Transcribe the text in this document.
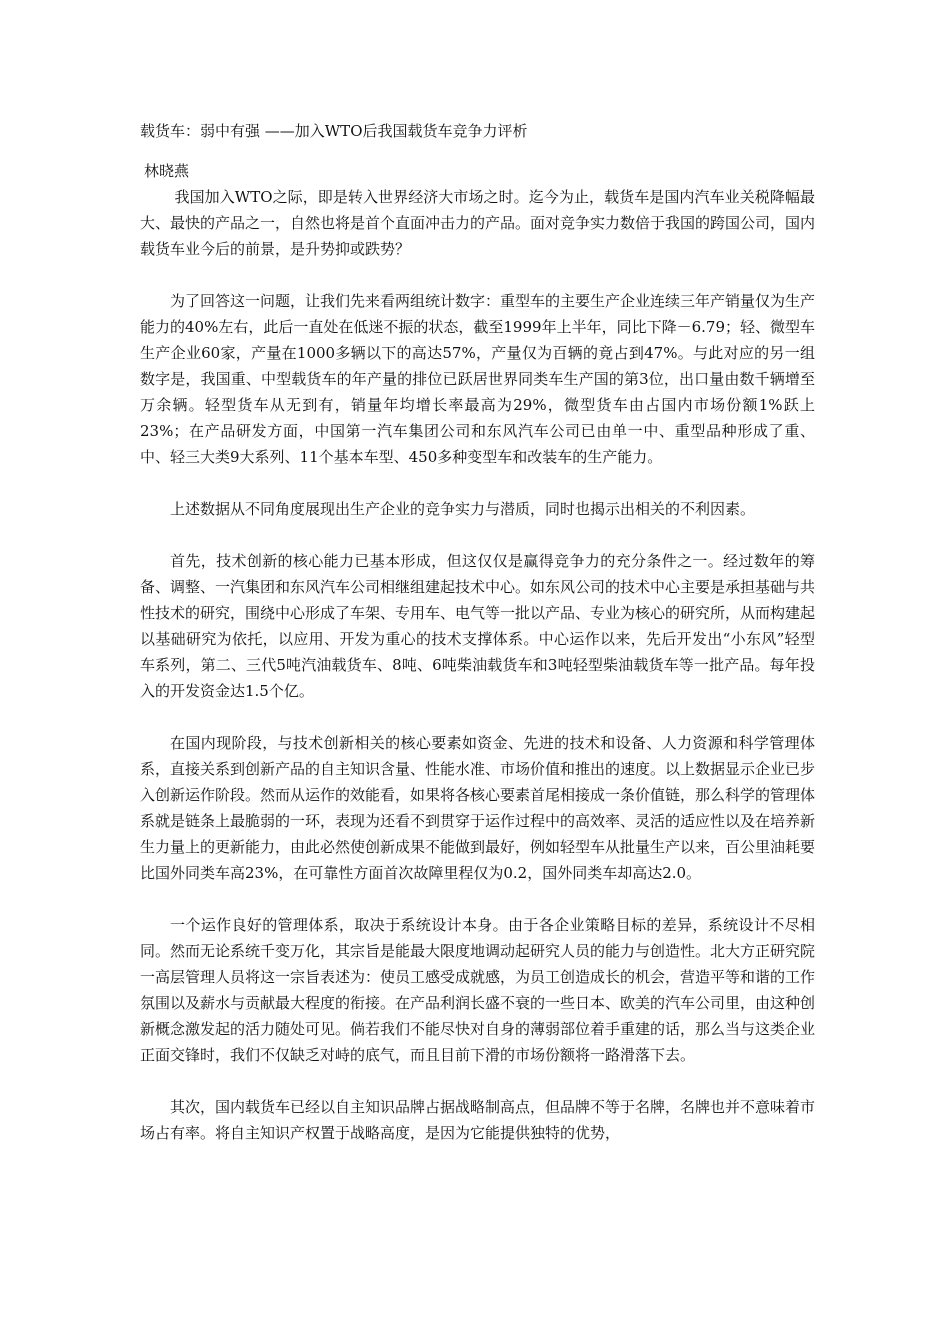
载货车：弱中有强 ——加入WTO后我国载货车竞争力评析
林晓燕

我国加入WTO之际，即是转入世界经济大市场之时。迄今为止，载货车是国内汽车业关税降幅最大、最快的产品之一，自然也将是首个直面冲击力的产品。面对竞争实力数倍于我国的跨国公司，国内载货车业今后的前景，是升势抑或跌势？

为了回答这一问题，让我们先来看两组统计数字：重型车的主要生产企业连续三年产销量仅为生产能力的40%左右，此后一直处在低迷不振的状态，截至1999年上半年，同比下降－6.79；轻、微型车生产企业60家，产量在1000多辆以下的高达57%，产量仅为百辆的竟占到47%。与此对应的另一组数字是，我国重、中型载货车的年产量的排位已跃居世界同类车生产国的第3位，出口量由数千辆增至万余辆。轻型货车从无到有，销量年均增长率最高为29%，微型货车由占国内市场份额1%跃上23%；在产品研发方面，中国第一汽车集团公司和东风汽车公司已由单一中、重型品种形成了重、中、轻三大类9大系列、11个基本车型、450多种变型车和改装车的生产能力。

上述数据从不同角度展现出生产企业的竞争实力与潜质，同时也揭示出相关的不利因素。

首先，技术创新的核心能力已基本形成，但这仅仅是赢得竞争力的充分条件之一。经过数年的筹备、调整、一汽集团和东风汽车公司相继组建起技术中心。如东风公司的技术中心主要是承担基础与共性技术的研究，围绕中心形成了车架、专用车、电气等一批以产品、专业为核心的研究所，从而构建起以基础研究为依托，以应用、开发为重心的技术支撑体系。中心运作以来，先后开发出“小东风”轻型车系列，第二、三代5吨汽油载货车、8吨、6吨柴油载货车和3吨轻型柴油载货车等一批产品。每年投入的开发资金达1.5个亿。

在国内现阶段，与技术创新相关的核心要素如资金、先进的技术和设备、人力资源和科学管理体系，直接关系到创新产品的自主知识含量、性能水准、市场价值和推出的速度。以上数据显示企业已步入创新运作阶段。然而从运作的效能看，如果将各核心要素首尾相接成一条价值链，那么科学的管理体系就是链条上最脆弱的一环，表现为还看不到贯穿于运作过程中的高效率、灵活的适应性以及在培养新生力量上的更新能力，由此必然使创新成果不能做到最好，例如轻型车从批量生产以来，百公里油耗要比国外同类车高23%，在可靠性方面首次故障里程仅为0.2，国外同类车却高达2.0。

一个运作良好的管理体系，取决于系统设计本身。由于各企业策略目标的差异，系统设计不尽相同。然而无论系统千变万化，其宗旨是能最大限度地调动起研究人员的能力与创造性。北大方正研究院一高层管理人员将这一宗旨表述为：使员工感受成就感，为员工创造成长的机会，营造平等和谐的工作氛围以及薪水与贡献最大程度的衔接。在产品利润长盛不衰的一些日本、欧美的汽车公司里，由这种创新概念激发起的活力随处可见。倘若我们不能尽快对自身的薄弱部位着手重建的话，那么当与这类企业正面交锋时，我们不仅缺乏对峙的底气，而且目前下滑的市场份额将一路滑落下去。

其次，国内载货车已经以自主知识品牌占据战略制高点，但品牌不等于名牌，名牌也并不意味着市场占有率。将自主知识产权置于战略高度，是因为它能提供独特的优势，
